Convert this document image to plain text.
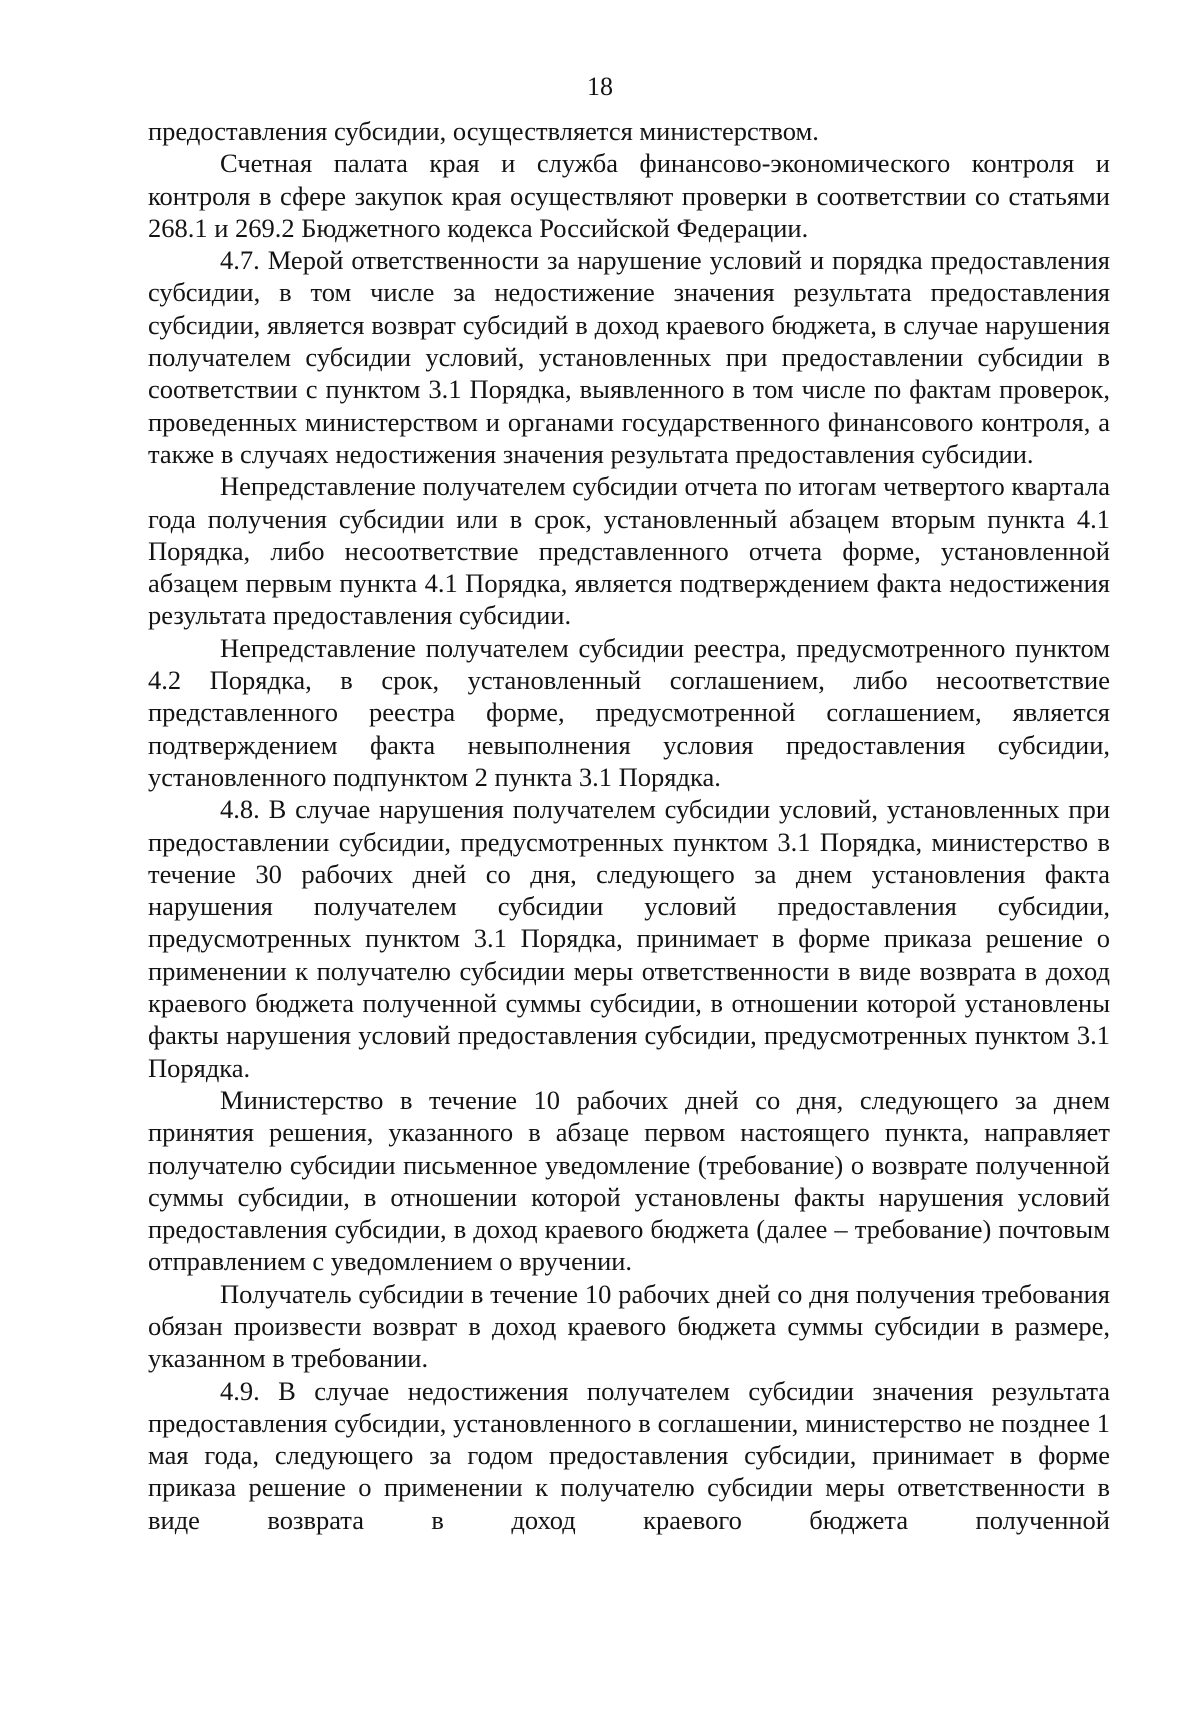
18

предоставления субсидии, осуществляется министерством.

Счетная палата края и служба финансово-экономического контроля и контроля в сфере закупок края осуществляют проверки в соответствии со статьями 268.1 и 269.2 Бюджетного кодекса Российской Федерации.

4.7. Мерой ответственности за нарушение условий и порядка предоставления субсидии, в том числе за недостижение значения результата предоставления субсидии, является возврат субсидий в доход краевого бюджета, в случае нарушения получателем субсидии условий, установленных при предоставлении субсидии в соответствии с пунктом 3.1 Порядка, выявленного в том числе по фактам проверок, проведенных министерством и органами государственного финансового контроля, а также в случаях недостижения значения результата предоставления субсидии.

Непредставление получателем субсидии отчета по итогам четвертого квартала года получения субсидии или в срок, установленный абзацем вторым пункта 4.1 Порядка, либо несоответствие представленного отчета форме, установленной абзацем первым пункта 4.1 Порядка, является подтверждением факта недостижения результата предоставления субсидии.

Непредставление получателем субсидии реестра, предусмотренного пунктом 4.2 Порядка, в срок, установленный соглашением, либо несоответствие представленного реестра форме, предусмотренной соглашением, является подтверждением факта невыполнения условия предоставления субсидии, установленного подпунктом 2 пункта 3.1 Порядка.

4.8. В случае нарушения получателем субсидии условий, установленных при предоставлении субсидии, предусмотренных пунктом 3.1 Порядка, министерство в течение 30 рабочих дней со дня, следующего за днем установления факта нарушения получателем субсидии условий предоставления субсидии, предусмотренных пунктом 3.1 Порядка, принимает в форме приказа решение о применении к получателю субсидии меры ответственности в виде возврата в доход краевого бюджета полученной суммы субсидии, в отношении которой установлены факты нарушения условий предоставления субсидии, предусмотренных пунктом 3.1 Порядка.

Министерство в течение 10 рабочих дней со дня, следующего за днем принятия решения, указанного в абзаце первом настоящего пункта, направляет получателю субсидии письменное уведомление (требование) о возврате полученной суммы субсидии, в отношении которой установлены факты нарушения условий предоставления субсидии, в доход краевого бюджета (далее – требование) почтовым отправлением с уведомлением о вручении.

Получатель субсидии в течение 10 рабочих дней со дня получения требования обязан произвести возврат в доход краевого бюджета суммы субсидии в размере, указанном в требовании.

4.9. В случае недостижения получателем субсидии значения результата предоставления субсидии, установленного в соглашении, министерство не позднее 1 мая года, следующего за годом предоставления субсидии, принимает в форме приказа решение о применении к получателю субсидии меры ответственности в виде возврата в доход краевого бюджета полученной
